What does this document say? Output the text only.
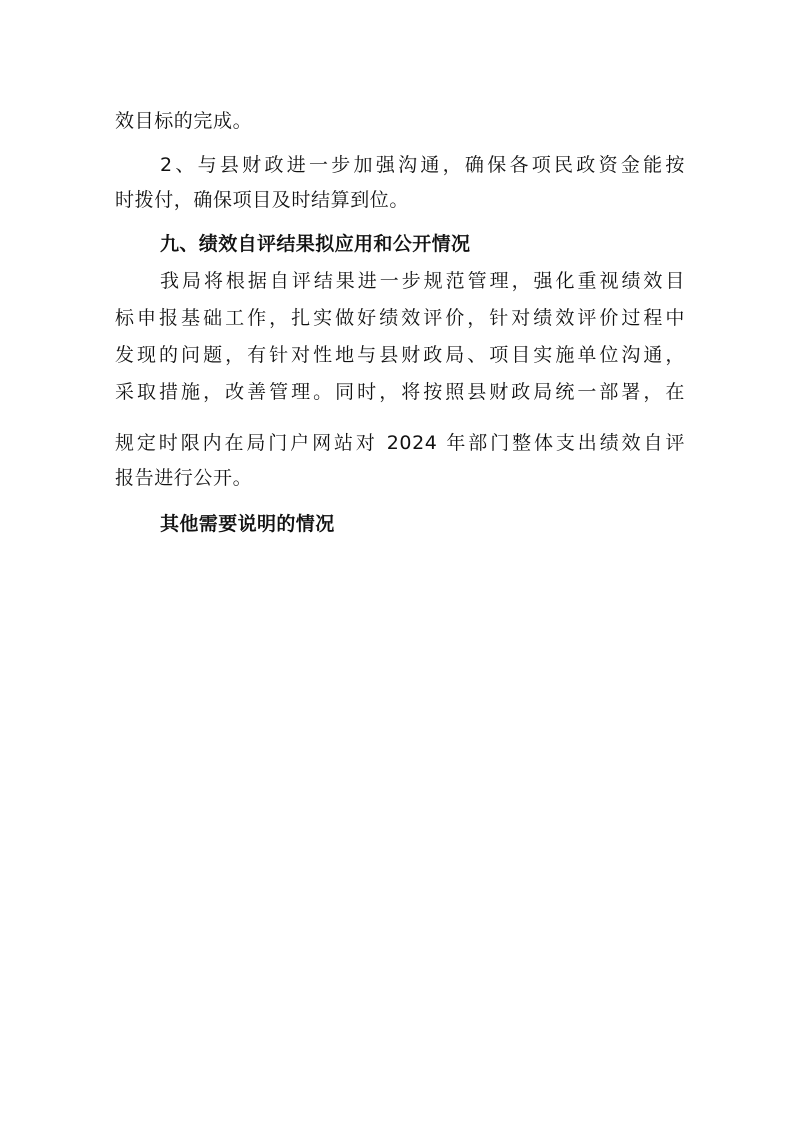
效目标的完成。
2、与县财政进一步加强沟通，确保各项民政资金能按
时拨付，确保项目及时结算到位。
九、绩效自评结果拟应用和公开情况
我局将根据自评结果进一步规范管理，强化重视绩效目
标申报基础工作，扎实做好绩效评价，针对绩效评价过程中
发现的问题，有针对性地与县财政局、项目实施单位沟通，
采取措施，改善管理。同时，将按照县财政局统一部署，在
规定时限内在局门户网站对 2024 年部门整体支出绩效自评
报告进行公开。
其他需要说明的情况
